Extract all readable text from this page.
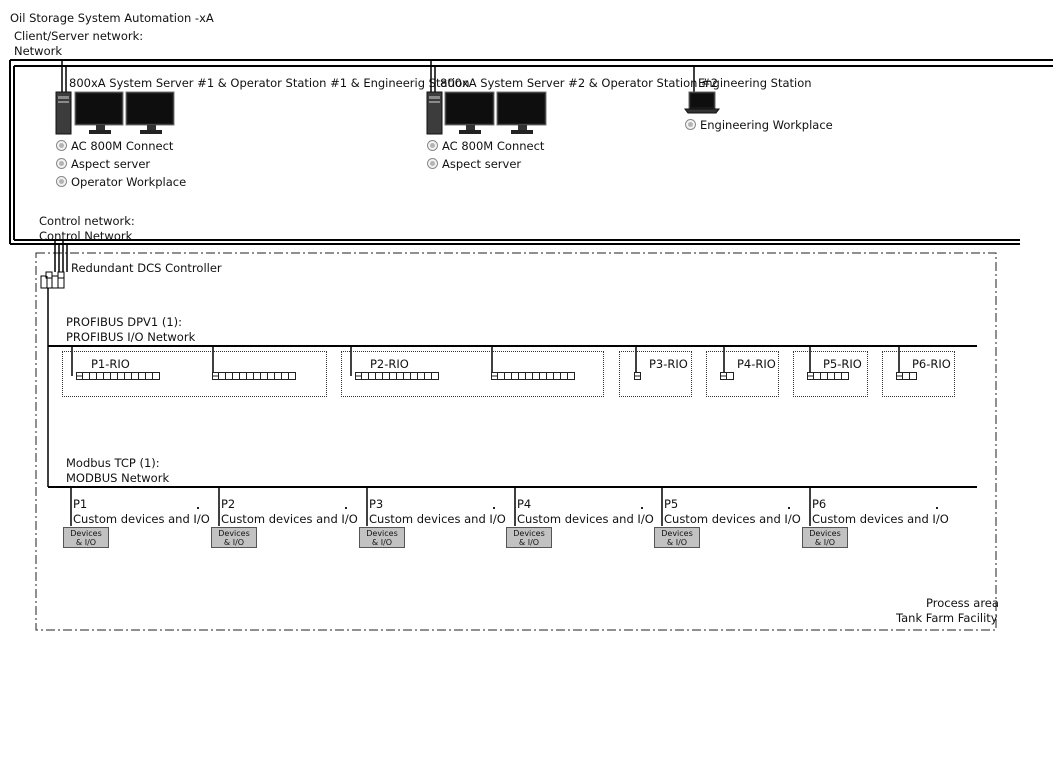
Oil Storage System Automation -xA
Client/Server network:
Network
800xA System Server #1 & Operator Station #1 & Engineerig Station
AC 800M Connect
Aspect server
Operator Workplace
800xA System Server #2 & Operator Station #2
AC 800M Connect
Aspect server
Engineering Station
Engineering Workplace
Control network:
Control Network
Redundant DCS Controller
PROFIBUS DPV1 (1):
PROFIBUS I/O Network
P1-RIO	P2-RIO	P3-RIO	P4-RIO	P5-RIO	P6-RIO
Modbus TCP (1):
MODBUS Network
P1
Custom devices and I/O
Devices
& I/O
P2
Custom devices and I/O
Devices
& I/O
P3
Custom devices and I/O
Devices
& I/O
P4
Custom devices and I/O
Devices
& I/O
P5
Custom devices and I/O
Devices
& I/O
P6
Custom devices and I/O
Devices
& I/O
Process area
Tank Farm Facility
